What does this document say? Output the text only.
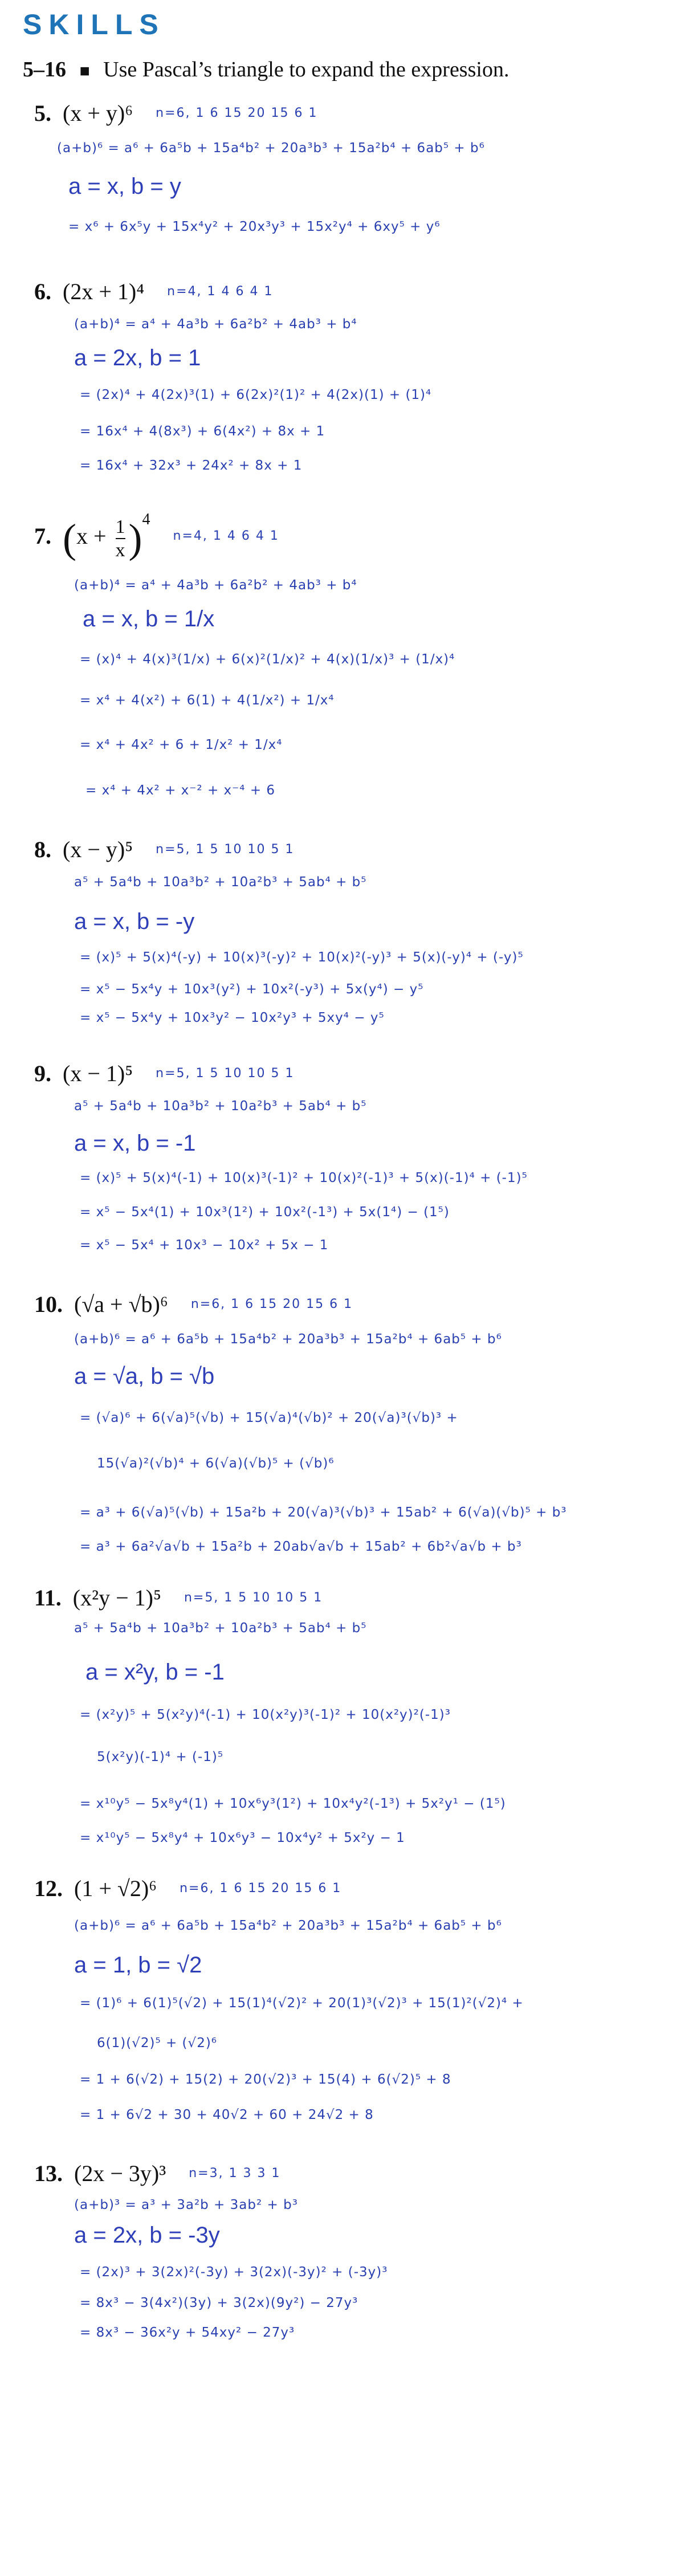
SKILLS
5–16 ■ Use Pascal’s triangle to expand the expression.
5. (x + y)⁶ n=6, 1 6 15 20 15 6 1
(a+b)⁶ = a⁶ + 6a⁵b + 15a⁴b² + 20a³b³ + 15a²b⁴ + 6ab⁵ + b⁶
a = x, b = y
= x⁶ + 6x⁵y + 15x⁴y² + 20x³y³ + 15x²y⁴ + 6xy⁵ + y⁶
6. (2x + 1)⁴ n=4, 1 4 6 4 1
(a+b)⁴ = a⁴ + 4a³b + 6a²b² + 4ab³ + b⁴
a = 2x, b = 1
= (2x)⁴ + 4(2x)³(1) + 6(2x)²(1)² + 4(2x)(1) + (1)⁴
= 16x⁴ + 4(8x³) + 6(4x²) + 8x + 1
= 16x⁴ + 32x³ + 24x² + 8x + 1
7. $(x + \frac{1}{x} )^4n=4$, 1 4 6 4 1
(a+b)⁴ = a⁴ + 4a³b + 6a²b² + 4ab³ + b⁴
a = x, b = 1/x
= (x)⁴ + 4(x)³(1/x) + 6(x)²(1/x)² + 4(x)(1/x)³ + (1/x)⁴
= x⁴ + 4(x²) + 6(1) + 4(1/x²) + 1/x⁴
= x⁴ + 4x² + 6 + 1/x² + 1/x⁴
= x⁴ + 4x² + x⁻² + x⁻⁴ + 6
8. (x − y)⁵ n=5, 1 5 10 10 5 1
a⁵ + 5a⁴b + 10a³b² + 10a²b³ + 5ab⁴ + b⁵
a = x, b = -y
= (x)⁵ + 5(x)⁴(-y) + 10(x)³(-y)² + 10(x)²(-y)³ + 5(x)(-y)⁴ + (-y)⁵
= x⁵ − 5x⁴y + 10x³(y²) + 10x²(-y³) + 5x(y⁴) − y⁵
= x⁵ − 5x⁴y + 10x³y² − 10x²y³ + 5xy⁴ − y⁵
9. (x − 1)⁵ n=5, 1 5 10 10 5 1
a⁵ + 5a⁴b + 10a³b² + 10a²b³ + 5ab⁴ + b⁵
a = x, b = -1
= (x)⁵ + 5(x)⁴(-1) + 10(x)³(-1)² + 10(x)²(-1)³ + 5(x)(-1)⁴ + (-1)⁵
= x⁵ − 5x⁴(1) + 10x³(1²) + 10x²(-1³) + 5x(1⁴) − (1⁵)
= x⁵ − 5x⁴ + 10x³ − 10x² + 5x − 1
10. (√a + √b)⁶ n=6, 1 6 15 20 15 6 1
(a+b)⁶ = a⁶ + 6a⁵b + 15a⁴b² + 20a³b³ + 15a²b⁴ + 6ab⁵ + b⁶
a = √a, b = √b
= (√a)⁶ + 6(√a)⁵(√b) + 15(√a)⁴(√b)² + 20(√a)³(√b)³ +
15(√a)²(√b)⁴ + 6(√a)(√b)⁵ + (√b)⁶
= a³ + 6(√a)⁵(√b) + 15a²b + 20(√a)³(√b)³ + 15ab² + 6(√a)(√b)⁵ + b³
= a³ + 6a²√a√b + 15a²b + 20ab√a√b + 15ab² + 6b²√a√b + b³
11. (x²y − 1)⁵ n=5, 1 5 10 10 5 1
a⁵ + 5a⁴b + 10a³b² + 10a²b³ + 5ab⁴ + b⁵
a = x²y, b = -1
= (x²y)⁵ + 5(x²y)⁴(-1) + 10(x²y)³(-1)² + 10(x²y)²(-1)³
5(x²y)(-1)⁴ + (-1)⁵
= x¹⁰y⁵ − 5x⁸y⁴(1) + 10x⁶y³(1²) + 10x⁴y²(-1³) + 5x²y¹ − (1⁵)
= x¹⁰y⁵ − 5x⁸y⁴ + 10x⁶y³ − 10x⁴y² + 5x²y − 1
12. (1 + √2)⁶ n=6, 1 6 15 20 15 6 1
(a+b)⁶ = a⁶ + 6a⁵b + 15a⁴b² + 20a³b³ + 15a²b⁴ + 6ab⁵ + b⁶
a = 1, b = √2
= (1)⁶ + 6(1)⁵(√2) + 15(1)⁴(√2)² + 20(1)³(√2)³ + 15(1)²(√2)⁴ +
6(1)(√2)⁵ + (√2)⁶
= 1 + 6(√2) + 15(2) + 20(√2)³ + 15(4) + 6(√2)⁵ + 8
= 1 + 6√2 + 30 + 40√2 + 60 + 24√2 + 8
13. (2x − 3y)³ n=3, 1 3 3 1
(a+b)³ = a³ + 3a²b + 3ab² + b³
a = 2x, b = -3y
= (2x)³ + 3(2x)²(-3y) + 3(2x)(-3y)² + (-3y)³
= 8x³ − 3(4x²)(3y) + 3(2x)(9y²) − 27y³
= 8x³ − 36x²y + 54xy² − 27y³
